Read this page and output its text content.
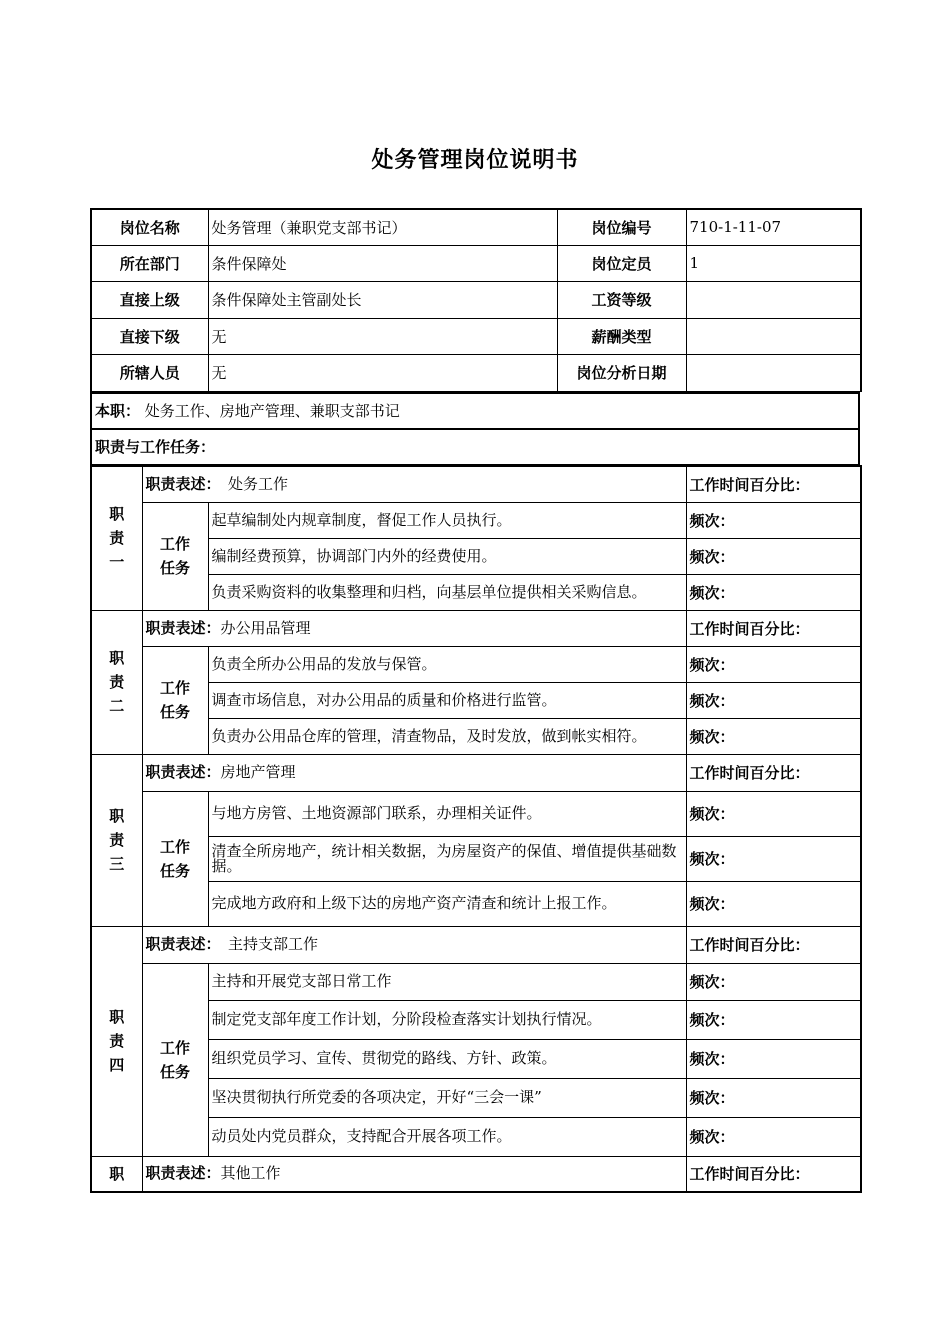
处务管理岗位说明书
岗位名称	处务管理（兼职党支部书记）	岗位编号	710-1-11-07
所在部门	条件保障处	岗位定员	1
直接上级	条件保障处主管副处长	工资等级	
直接下级	无	薪酬类型	
所辖人员	无	岗位分析日期	
本职： 处务工作、房地产管理、兼职支部书记
职责与工作任务：
职责一	职责表述：　处务工作		工作时间百分比：

	工作任务	起草编制处内规章制度，督促工作人员执行。	频次：
		编制经费预算，协调部门内外的经费使用。	频次：
		负责采购资料的收集整理和归档，向基层单位提供相关采购信息。	频次：

职责二	职责表述：办公用品管理		工作时间百分比：

	工作任务	负责全所办公用品的发放与保管。	频次：
		调查市场信息，对办公用品的质量和价格进行监管。	频次：
		负责办公用品仓库的管理，清查物品，及时发放，做到帐实相符。	频次：

职责三	职责表述：房地产管理		工作时间百分比：

	工作任务	与地方房管、土地资源部门联系，办理相关证件。	频次：
		清查全所房地产，统计相关数据，为房屋资产的保值、增值提供基础数据。	频次：
		完成地方政府和上级下达的房地产资产清查和统计上报工作。	频次：

职责四	职责表述：　主持支部工作		工作时间百分比：

	工作任务	主持和开展党支部日常工作	频次：
		制定党支部年度工作计划，分阶段检查落实计划执行情况。	频次：
		组织党员学习、宣传、贯彻党的路线、方针、政策。	频次：
		坚决贯彻执行所党委的各项决定，开好“三会一课”	频次：
		动员处内党员群众，支持配合开展各项工作。	频次：
职	职责表述：其他工作		工作时间百分比：
